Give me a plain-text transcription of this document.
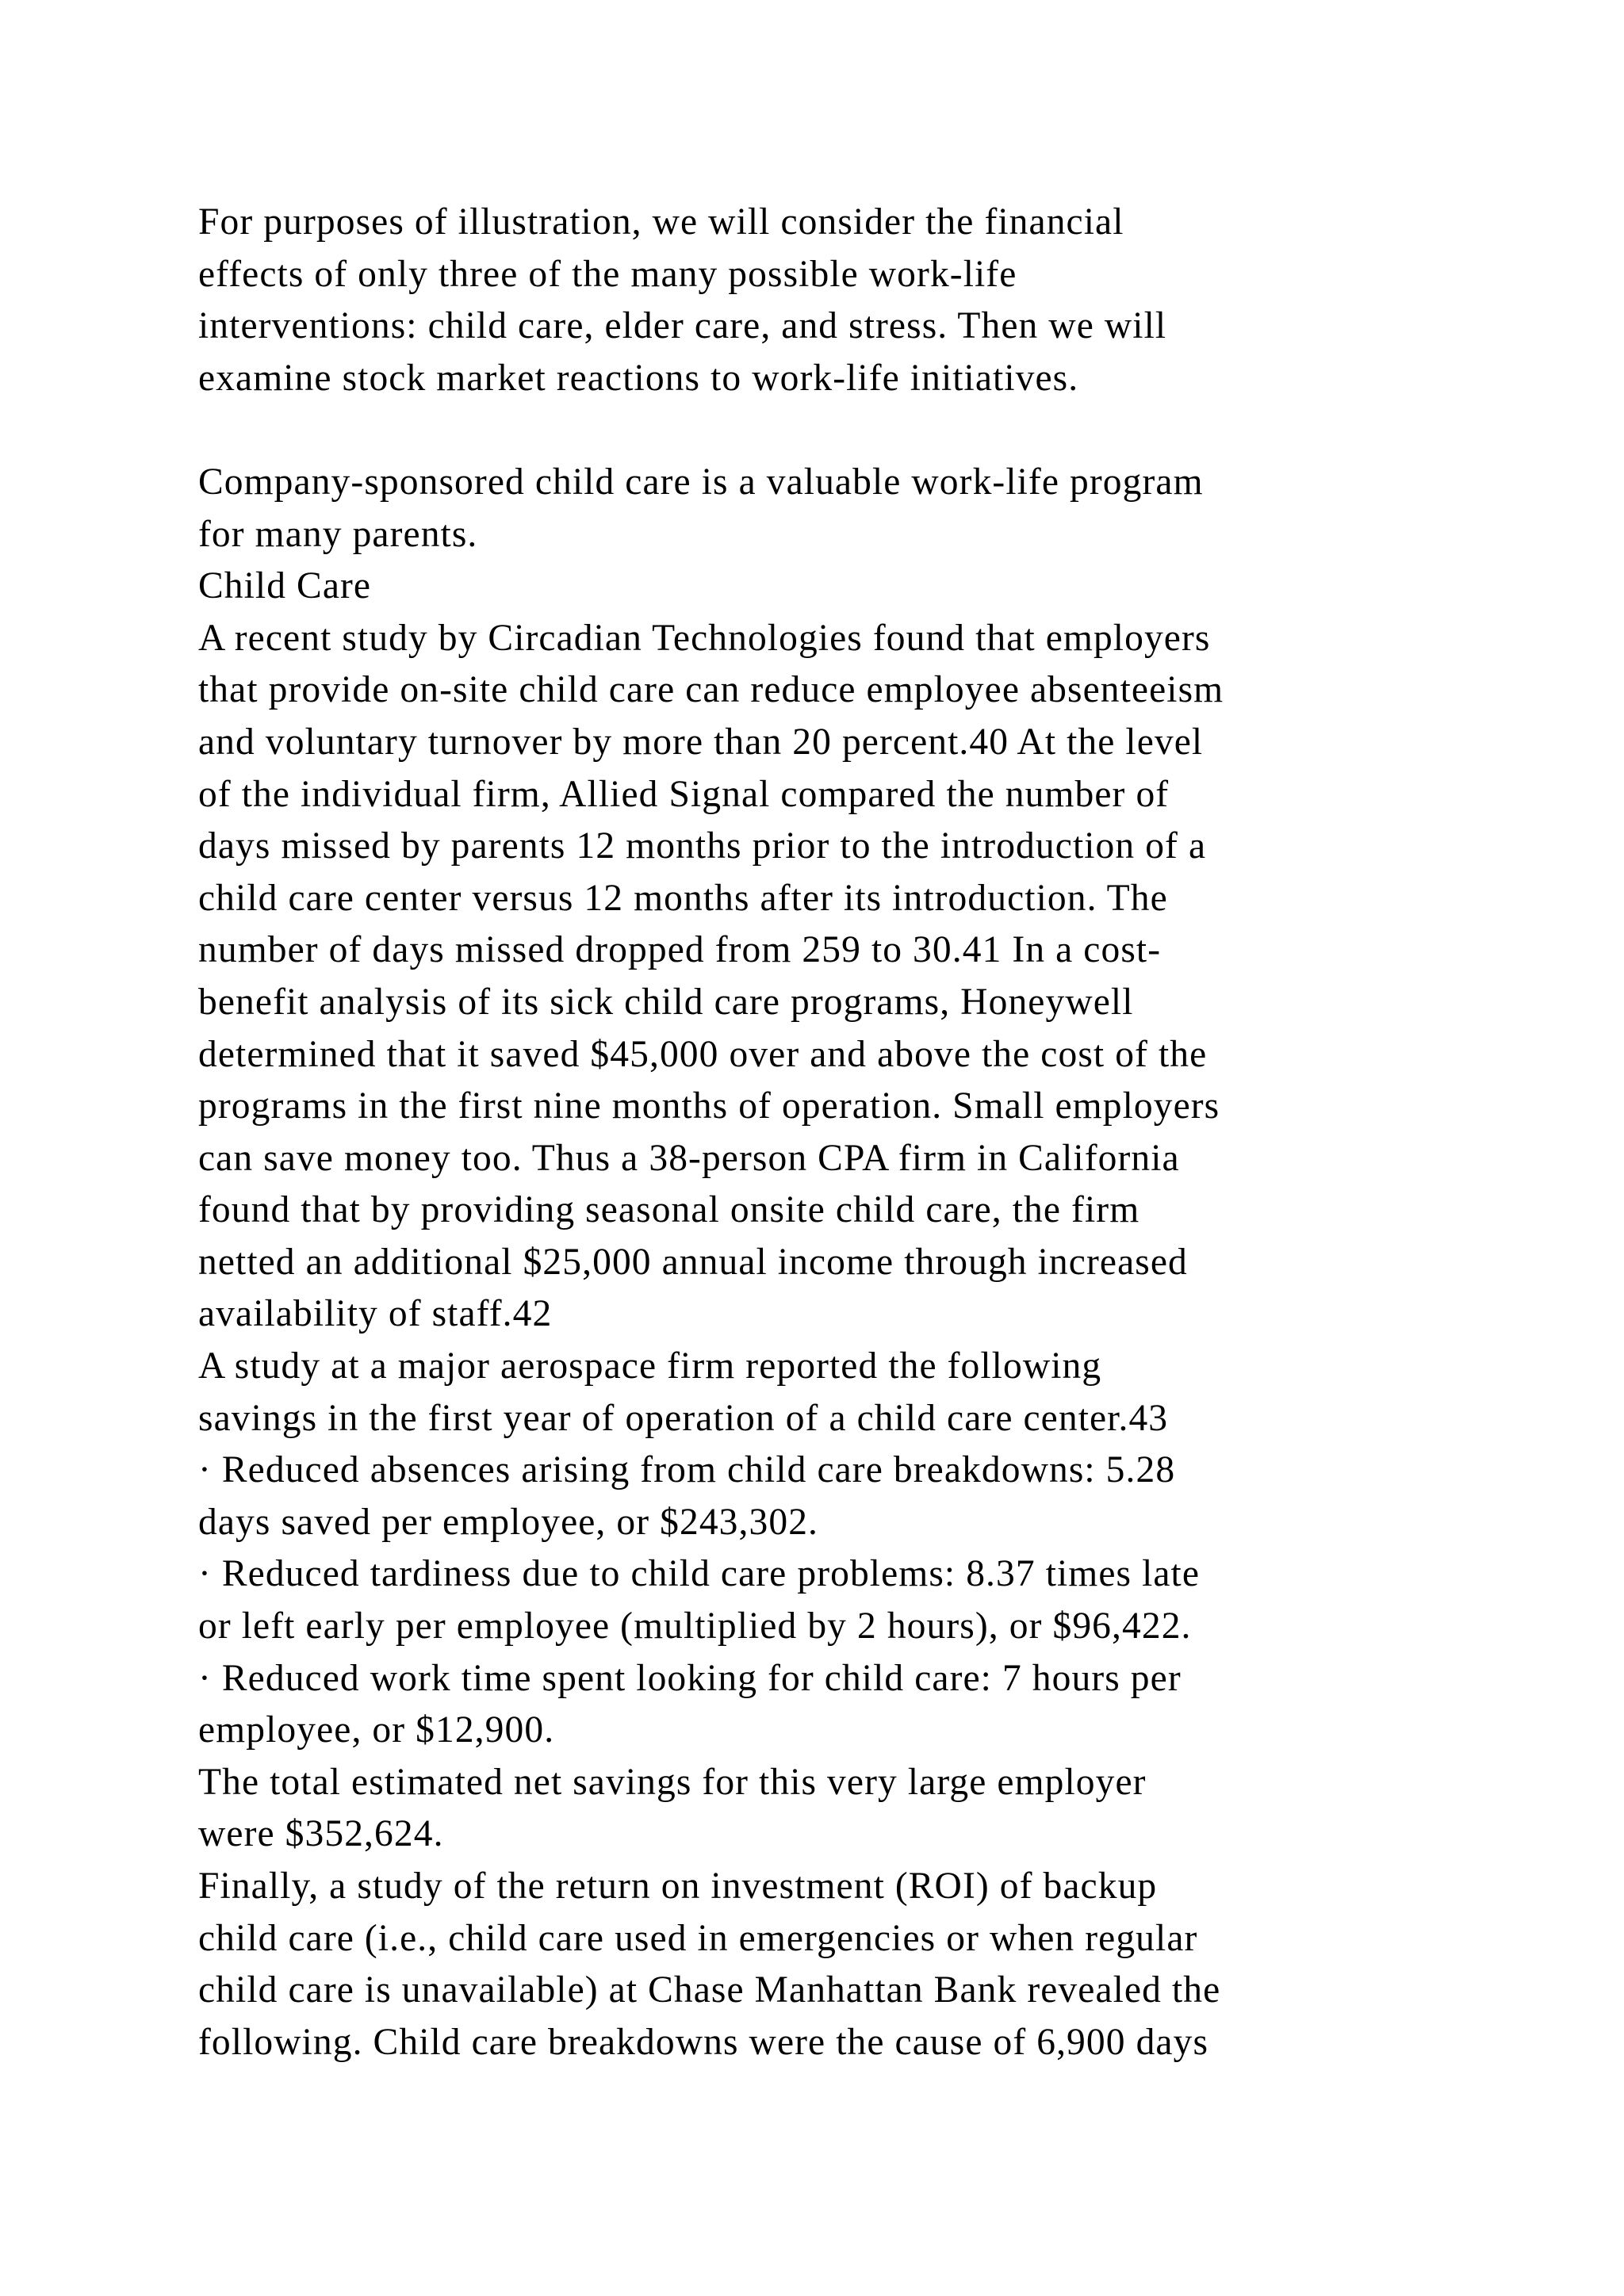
For purposes of illustration, we will consider the financial
effects of only three of the many possible work-life
interventions: child care, elder care, and stress. Then we will
examine stock market reactions to work-life initiatives.
Company-sponsored child care is a valuable work-life program
for many parents.
Child Care
A recent study by Circadian Technologies found that employers
that provide on-site child care can reduce employee absenteeism
and voluntary turnover by more than 20 percent.40 At the level
of the individual firm, Allied Signal compared the number of
days missed by parents 12 months prior to the introduction of a
child care center versus 12 months after its introduction. The
number of days missed dropped from 259 to 30.41 In a cost-
benefit analysis of its sick child care programs, Honeywell
determined that it saved $45,000 over and above the cost of the
programs in the first nine months of operation. Small employers
can save money too. Thus a 38-person CPA firm in California
found that by providing seasonal onsite child care, the firm
netted an additional $25,000 annual income through increased
availability of staff.42
A study at a major aerospace firm reported the following
savings in the first year of operation of a child care center.43
· Reduced absences arising from child care breakdowns: 5.28
days saved per employee, or $243,302.
· Reduced tardiness due to child care problems: 8.37 times late
or left early per employee (multiplied by 2 hours), or $96,422.
· Reduced work time spent looking for child care: 7 hours per
employee, or $12,900.
The total estimated net savings for this very large employer
were $352,624.
Finally, a study of the return on investment (ROI) of backup
child care (i.e., child care used in emergencies or when regular
child care is unavailable) at Chase Manhattan Bank revealed the
following. Child care breakdowns were the cause of 6,900 days
